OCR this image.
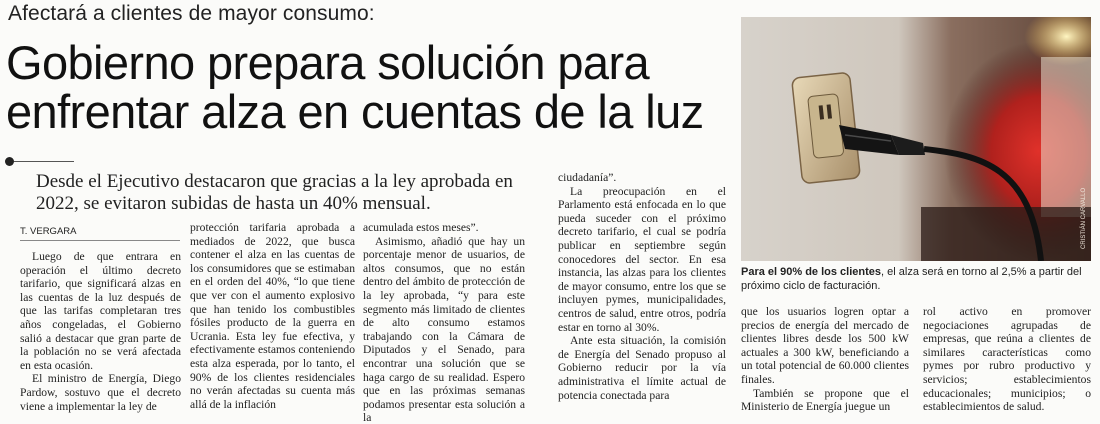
Afectará a clientes de mayor consumo:
Gobierno prepara solución para enfrentar alza en cuentas de la luz
Desde el Ejecutivo destacaron que gracias a la ley aprobada en 2022, se evitaron subidas de hasta un 40% mensual.
T. VERGARA

Luego de que entrara en operación el último decreto tarifario, que significará alzas en las cuentas de la luz después de que las tarifas completaran tres años congeladas, el Gobierno salió a destacar que gran parte de la población no se verá afectada en esta ocasión.

El ministro de Energía, Diego Pardow, sostuvo que el decreto viene a implementar la ley de

protección tarifaria aprobada a mediados de 2022, que busca contener el alza en las cuentas de los consumidores que se estimaban en el orden del 40%, “lo que tiene que ver con el aumento explosivo que han tenido los combustibles fósiles producto de la guerra en Ucrania. Esta ley fue efectiva, y efectivamente estamos conteniendo esta alza esperada, por lo tanto, el 90% de los clientes residenciales no verán afectadas su cuenta más allá de la inflación

acumulada estos meses”.

Asimismo, añadió que hay un porcentaje menor de usuarios, de altos consumos, que no están dentro del ámbito de protección de la ley aprobada, “y para este segmento más limitado de clientes de alto consumo estamos trabajando con la Cámara de Diputados y el Senado, para encontrar una solución que se haga cargo de su realidad. Espero que en las próximas semanas podamos presentar esta solución a la

ciudadanía”.

La preocupación en el Parlamento está enfocada en lo que pueda suceder con el próximo decreto tarifario, el cual se podría publicar en septiembre según conocedores del sector. En esa instancia, las alzas para los clientes de mayor consumo, entre los que se incluyen pymes, municipalidades, centros de salud, entre otros, podría estar en torno al 30%.

Ante esta situación, la comisión de Energía del Senado propuso al Gobierno reducir por la vía administrativa el límite actual de potencia conectada para

CRISTIÁN CARVALLO
Para el 90% de los clientes, el alza será en torno al 2,5% a partir del próximo ciclo de facturación.

que los usuarios logren optar a precios de energía del mercado de clientes libres desde los 500 kW actuales a 300 kW, beneficiando a un total potencial de 60.000 clientes finales.

También se propone que el Ministerio de Energía juegue un

rol activo en promover negociaciones agrupadas de empresas, que reúna a clientes de similares características como pymes por rubro productivo y servicios; establecimientos educacionales; municipios; o establecimientos de salud.
